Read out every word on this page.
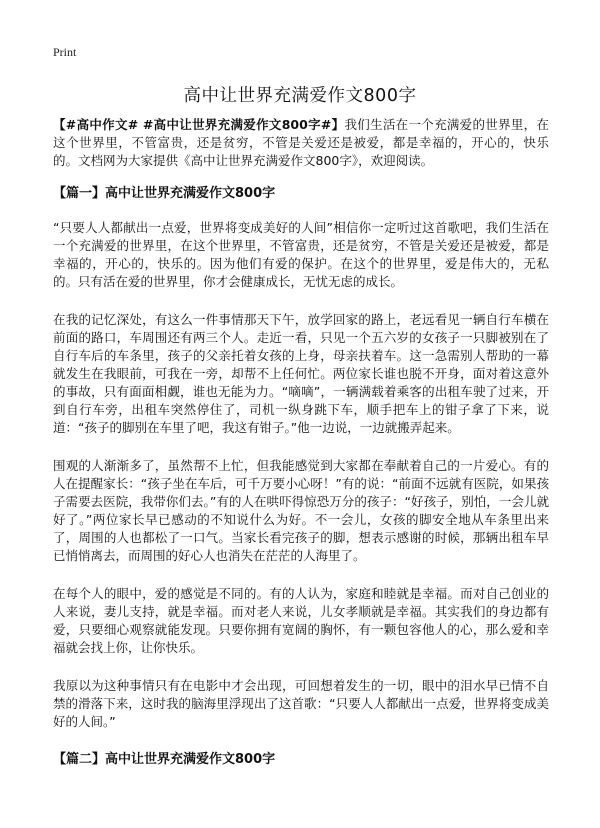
Print
高中让世界充满爱作文800字

【#高中作文# #高中让世界充满爱作文800字#】我们生活在一个充满爱的世界里，在这个世界里，不管富贵，还是贫穷，不管是关爱还是被爱，都是幸福的，开心的，快乐的。文档网为大家提供《高中让世界充满爱作文800字》，欢迎阅读。

【篇一】高中让世界充满爱作文800字

“只要人人都献出一点爱，世界将变成美好的人间”相信你一定听过这首歌吧，我们生活在一个充满爱的世界里，在这个世界里，不管富贵，还是贫穷，不管是关爱还是被爱，都是幸福的，开心的，快乐的。因为他们有爱的保护。在这个的世界里，爱是伟大的，无私的。只有活在爱的世界里，你才会健康成长，无忧无虑的成长。

在我的记忆深处，有这么一件事情那天下午，放学回家的路上，老远看见一辆自行车横在前面的路口，车周围还有两三个人。走近一看，只见一个五六岁的女孩子一只脚被别在了自行车后的车条里，孩子的父亲托着女孩的上身，母亲扶着车。这一急需别人帮助的一幕就发生在我眼前，可我在一旁，却帮不上任何忙。两位家长谁也脱不开身，面对着这意外的事故，只有面面相觑，谁也无能为力。“嘀嘀”，一辆满载着乘客的出租车驶了过来，开到自行车旁，出租车突然停住了，司机一纵身跳下车，顺手把车上的钳子拿了下来，说道：“孩子的脚别在车里了吧，我这有钳子。”他一边说，一边就搬弄起来。

围观的人渐渐多了，虽然帮不上忙，但我能感觉到大家都在奉献着自己的一片爱心。有的人在提醒家长：“孩子坐在车后，可千万要小心呀！”有的说：“前面不远就有医院，如果孩子需要去医院，我带你们去。”有的人在哄吓得惊恐万分的孩子：“好孩子，别怕，一会儿就好了。”两位家长早已感动的不知说什么为好。不一会儿，女孩的脚安全地从车条里出来了，周围的人也都松了一口气。当家长看完孩子的脚，想表示感谢的时候，那辆出租车早已悄悄离去，而周围的好心人也消失在茫茫的人海里了。

在每个人的眼中，爱的感觉是不同的。有的人认为，家庭和睦就是幸福。而对自己创业的人来说，妻儿支持，就是幸福。而对老人来说，儿女孝顺就是幸福。其实我们的身边都有爱，只要细心观察就能发现。只要你拥有宽阔的胸怀，有一颗包容他人的心，那么爱和幸福就会找上你，让你快乐。

我原以为这种事情只有在电影中才会出现，可回想着发生的一切，眼中的泪水早已情不自禁的滑落下来，这时我的脑海里浮现出了这首歌：“只要人人都献出一点爱，世界将变成美好的人间。”

【篇二】高中让世界充满爱作文800字
